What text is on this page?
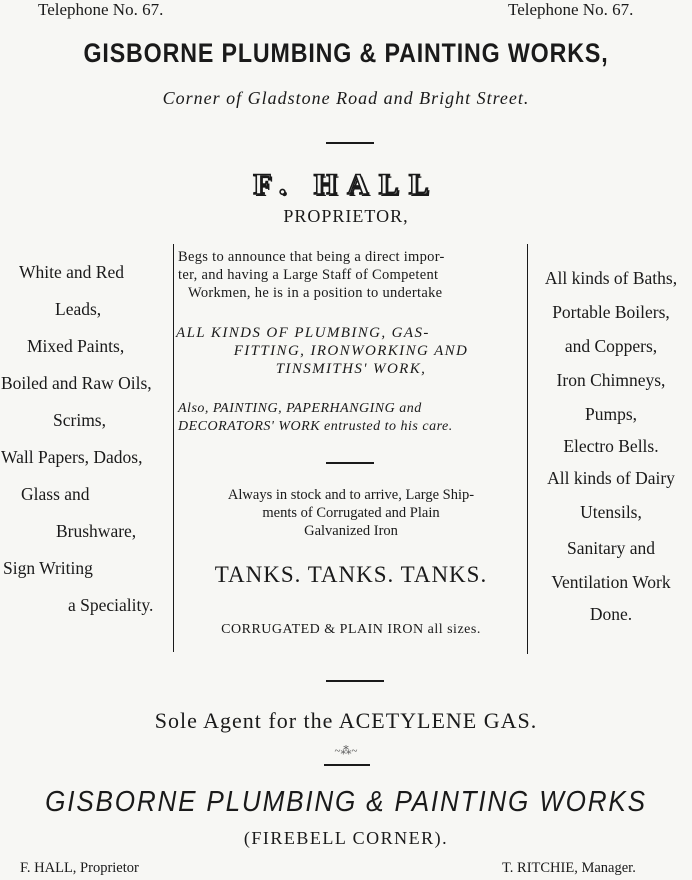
Telephone No. 67.	Telephone No. 67.
GISBORNE PLUMBING & PAINTING WORKS,
Corner of Gladstone Road and Bright Street.
F. HALL
PROPRIETOR,
White and Red
Leads,
Mixed Paints,
Boiled and Raw Oils,
Scrims,
Wall Papers, Dados,
Glass and
Brushware,
Sign Writing
a Speciality.
Begs to announce that being a direct impor-
ter, and having a Large Staff of Competent
Workmen, he is in a position to undertake
ALL KINDS OF PLUMBING, GAS-
FITTING, IRONWORKING AND
TINSMITHS' WORK,
Also, PAINTING, PAPERHANGING and
DECORATORS' WORK entrusted to his care.
Always in stock and to arrive, Large Ship-
ments of Corrugated and Plain
Galvanized Iron
TANKS. TANKS. TANKS.
CORRUGATED & PLAIN IRON all sizes.
All kinds of Baths,
Portable Boilers,
and Coppers,
Iron Chimneys,
Pumps,
Electro Bells.
All kinds of Dairy
Utensils,
Sanitary and
Ventilation Work
Done.
Sole Agent for the ACETYLENE GAS.
~⁂~
GISBORNE PLUMBING & PAINTING WORKS
(FIREBELL CORNER).
F. HALL, Proprietor	T. RITCHIE, Manager.
